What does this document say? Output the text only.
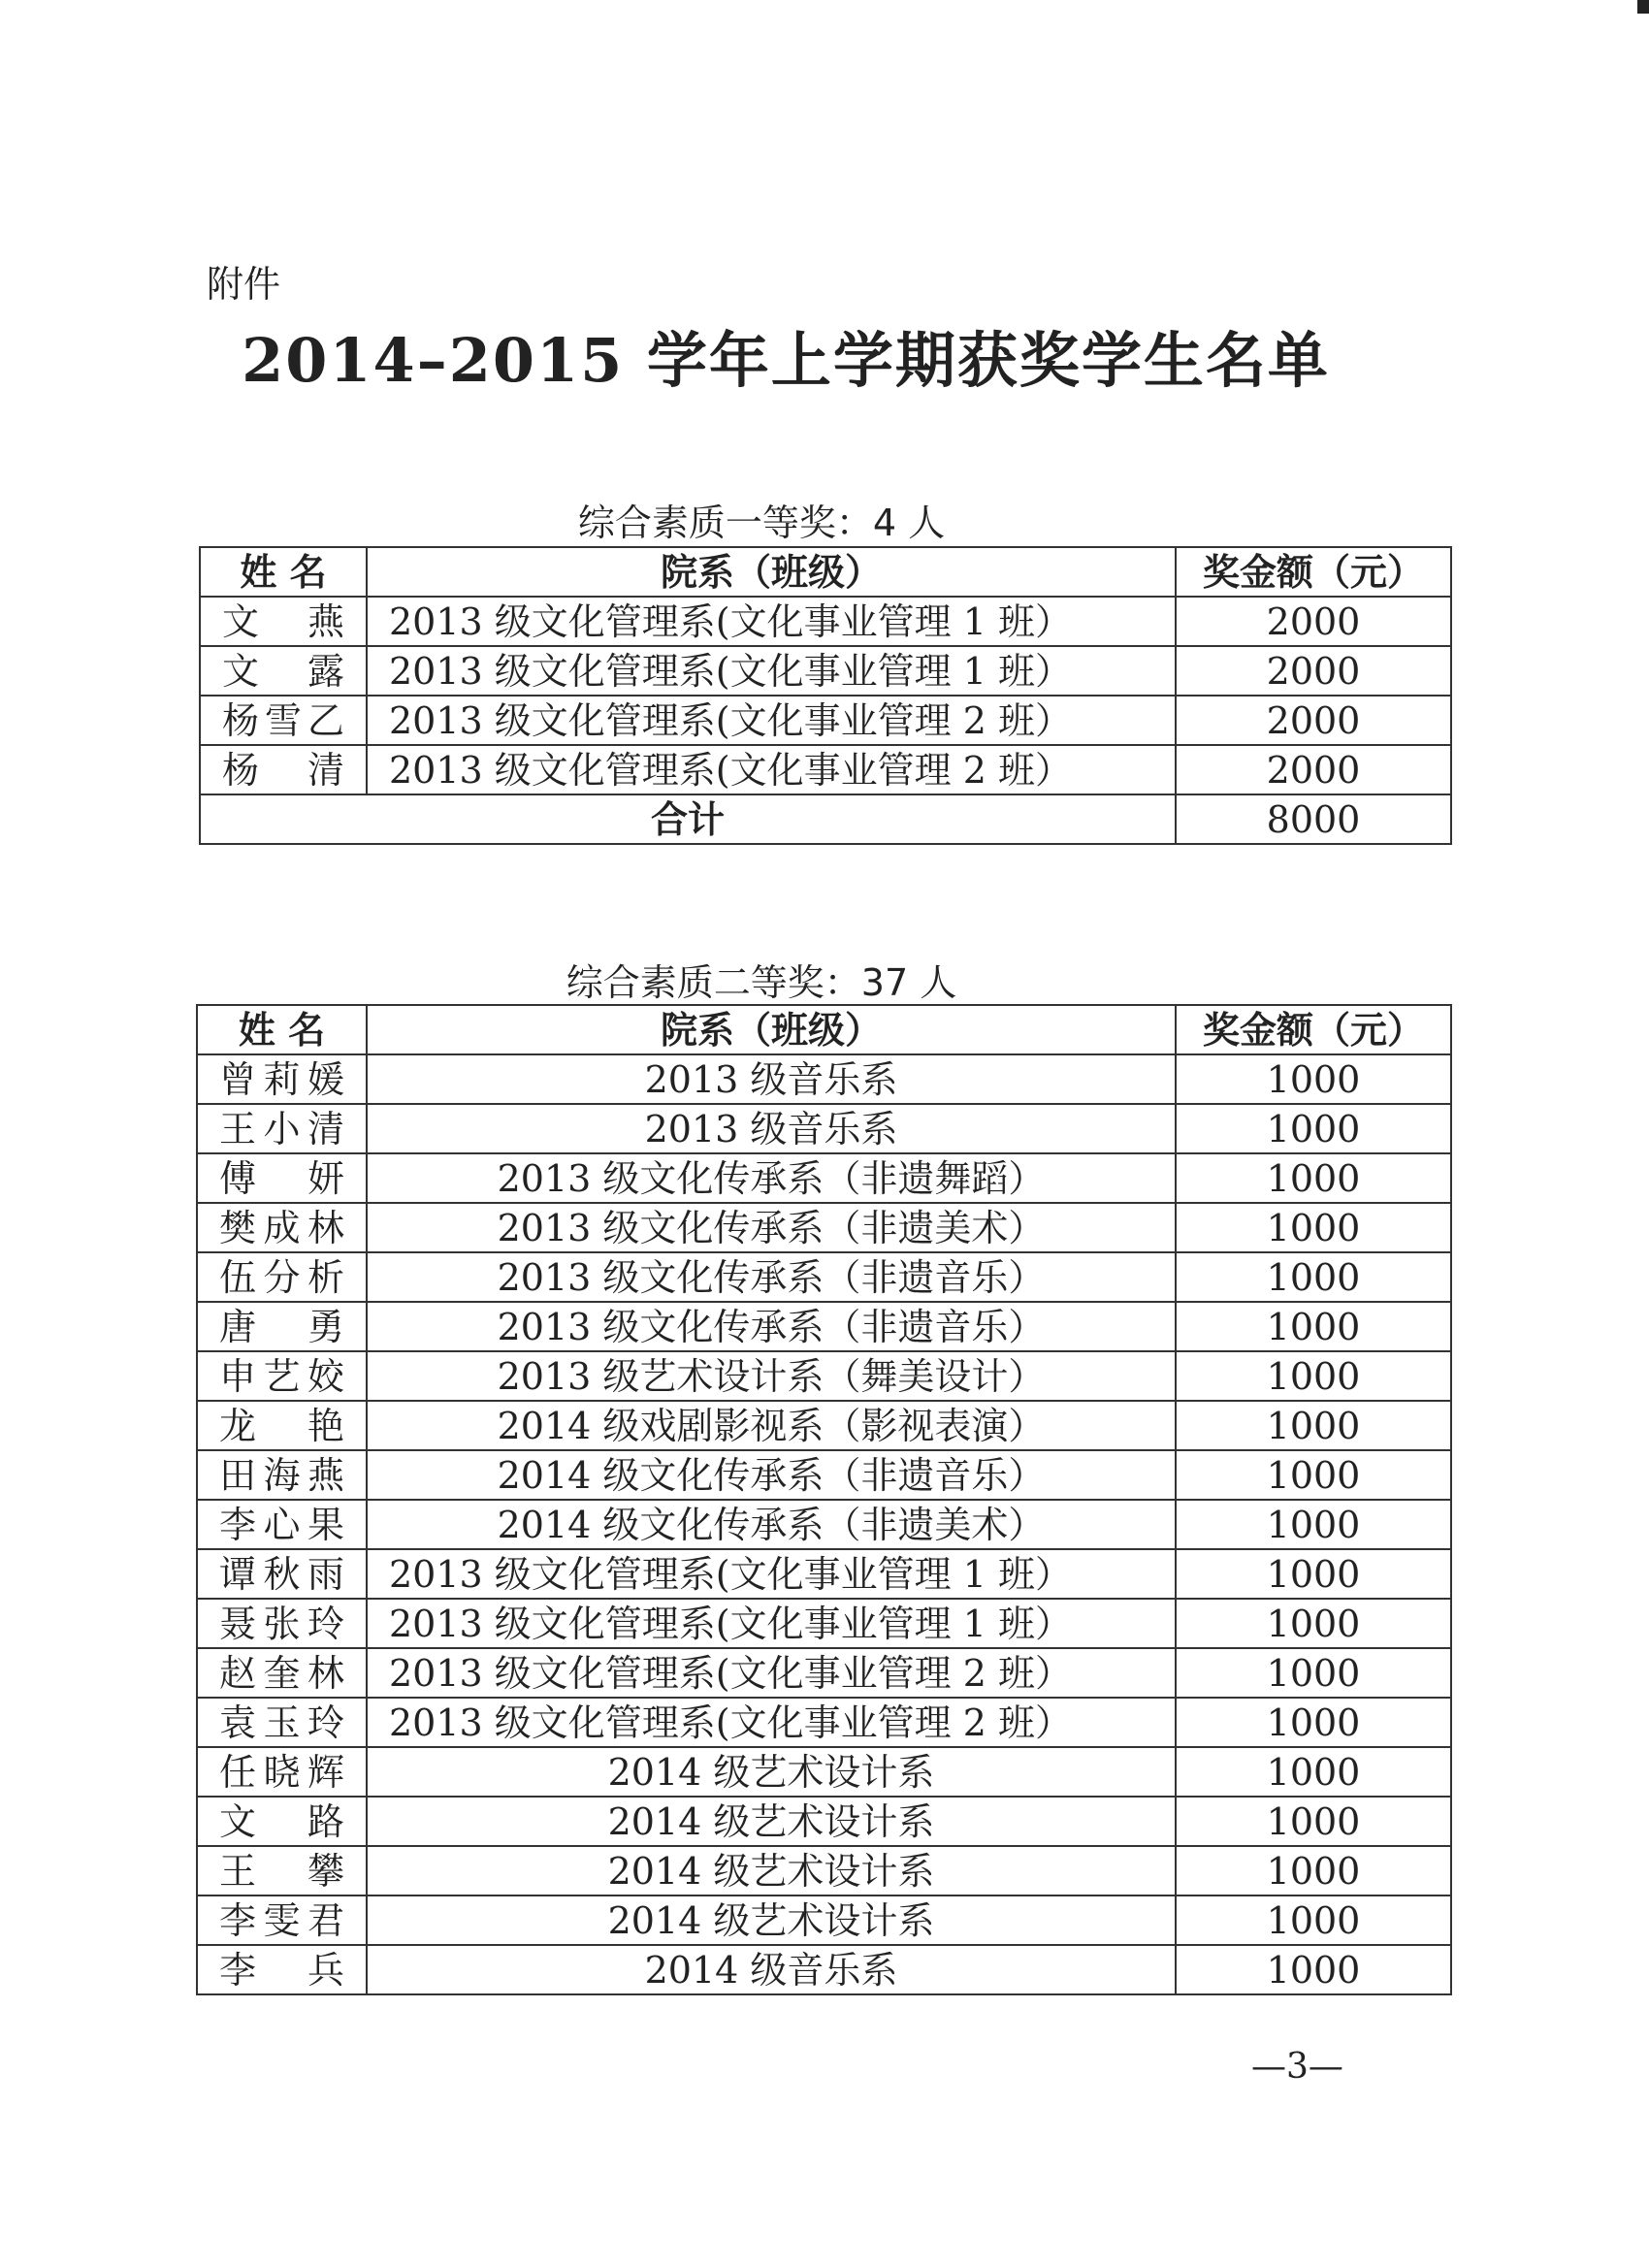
附件
2014–2015 学年上学期获奖学生名单
综合素质一等奖：4 人
姓 名	院系（班级）	奖金额（元）
文 燕	2013 级文化管理系(文化事业管理 1 班）	2000
文 露	2013 级文化管理系(文化事业管理 1 班）	2000
杨雪乙	2013 级文化管理系(文化事业管理 2 班）	2000
杨 清	2013 级文化管理系(文化事业管理 2 班）	2000
合计		8000
综合素质二等奖：37 人
姓 名	院系（班级）	奖金额（元）
曾莉媛	2013 级音乐系	1000
王小清	2013 级音乐系	1000
傅 妍	2013 级文化传承系（非遗舞蹈）	1000
樊成林	2013 级文化传承系（非遗美术）	1000
伍分析	2013 级文化传承系（非遗音乐）	1000
唐 勇	2013 级文化传承系（非遗音乐）	1000
申艺姣	2013 级艺术设计系（舞美设计）	1000
龙 艳	2014 级戏剧影视系（影视表演）	1000
田海燕	2014 级文化传承系（非遗音乐）	1000
李心果	2014 级文化传承系（非遗美术）	1000
谭秋雨	2013 级文化管理系(文化事业管理 1 班）	1000
聂张玲	2013 级文化管理系(文化事业管理 1 班）	1000
赵奎林	2013 级文化管理系(文化事业管理 2 班）	1000
袁玉玲	2013 级文化管理系(文化事业管理 2 班）	1000
任晓辉	2014 级艺术设计系	1000
文 路	2014 级艺术设计系	1000
王 攀	2014 级艺术设计系	1000
李雯君	2014 级艺术设计系	1000
李 兵	2014 级音乐系	1000
—3—
